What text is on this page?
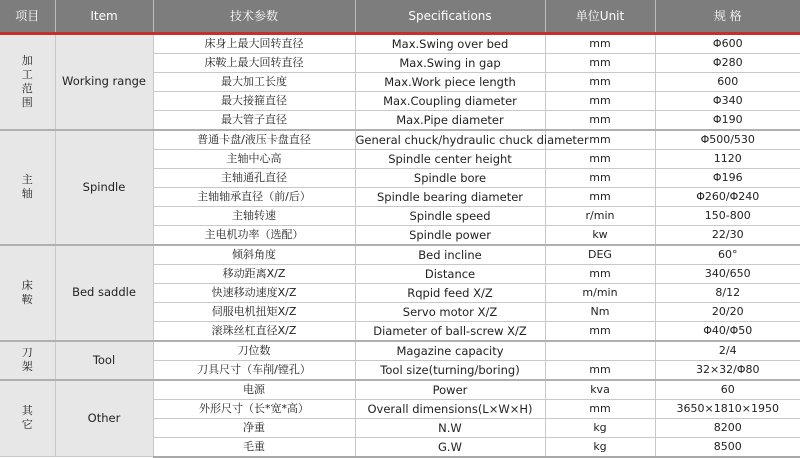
项目	Item	技术参数	Specifications	单位Unit	规 格
加
工
范
围	Working range	床身上最大回转直径	Max.Swing over bed	mm	Φ600
		床鞍上最大回转直径	Max.Swing in gap	mm	Φ280
		最大加工长度	Max.Work piece length	mm	600
		最大接箍直径	Max.Coupling diameter	mm	Φ340
		最大管子直径	Max.Pipe diameter	mm	Φ190
主
轴	Spindle	普通卡盘/液压卡盘直径	General chuck/hydraulic chuck diameter	mm	Φ500/530
		主轴中心高	Spindle center height	mm	1120
		主轴通孔直径	Spindle bore	mm	Φ196
		主轴轴承直径（前/后）	Spindle bearing diameter	mm	Φ260/Φ240
		主轴转速	Spindle speed	r/min	150-800
		主电机功率（选配）	Spindle power	kw	22/30
床
鞍	Bed saddle	倾斜角度	Bed incline	DEG	60°
		移动距离X/Z	Distance	mm	340/650
		快速移动速度X/Z	Rqpid feed X/Z	m/min	8/12
		伺服电机扭矩X/Z	Servo motor X/Z	Nm	20/20
		滚珠丝杠直径X/Z	Diameter of ball-screw X/Z	mm	Φ40/Φ50
刀
架	Tool	刀位数	Magazine capacity		2/4
		刀具尺寸（车削/镗孔）	Tool size(turning/boring)	mm	32×32/Φ80
其
它	Other	电源	Power	kva	60
		外形尺寸（长*宽*高）	Overall dimensions(L×W×H)	mm	3650×1810×1950
		净重	N.W	kg	8200
		毛重	G.W	kg	8500
